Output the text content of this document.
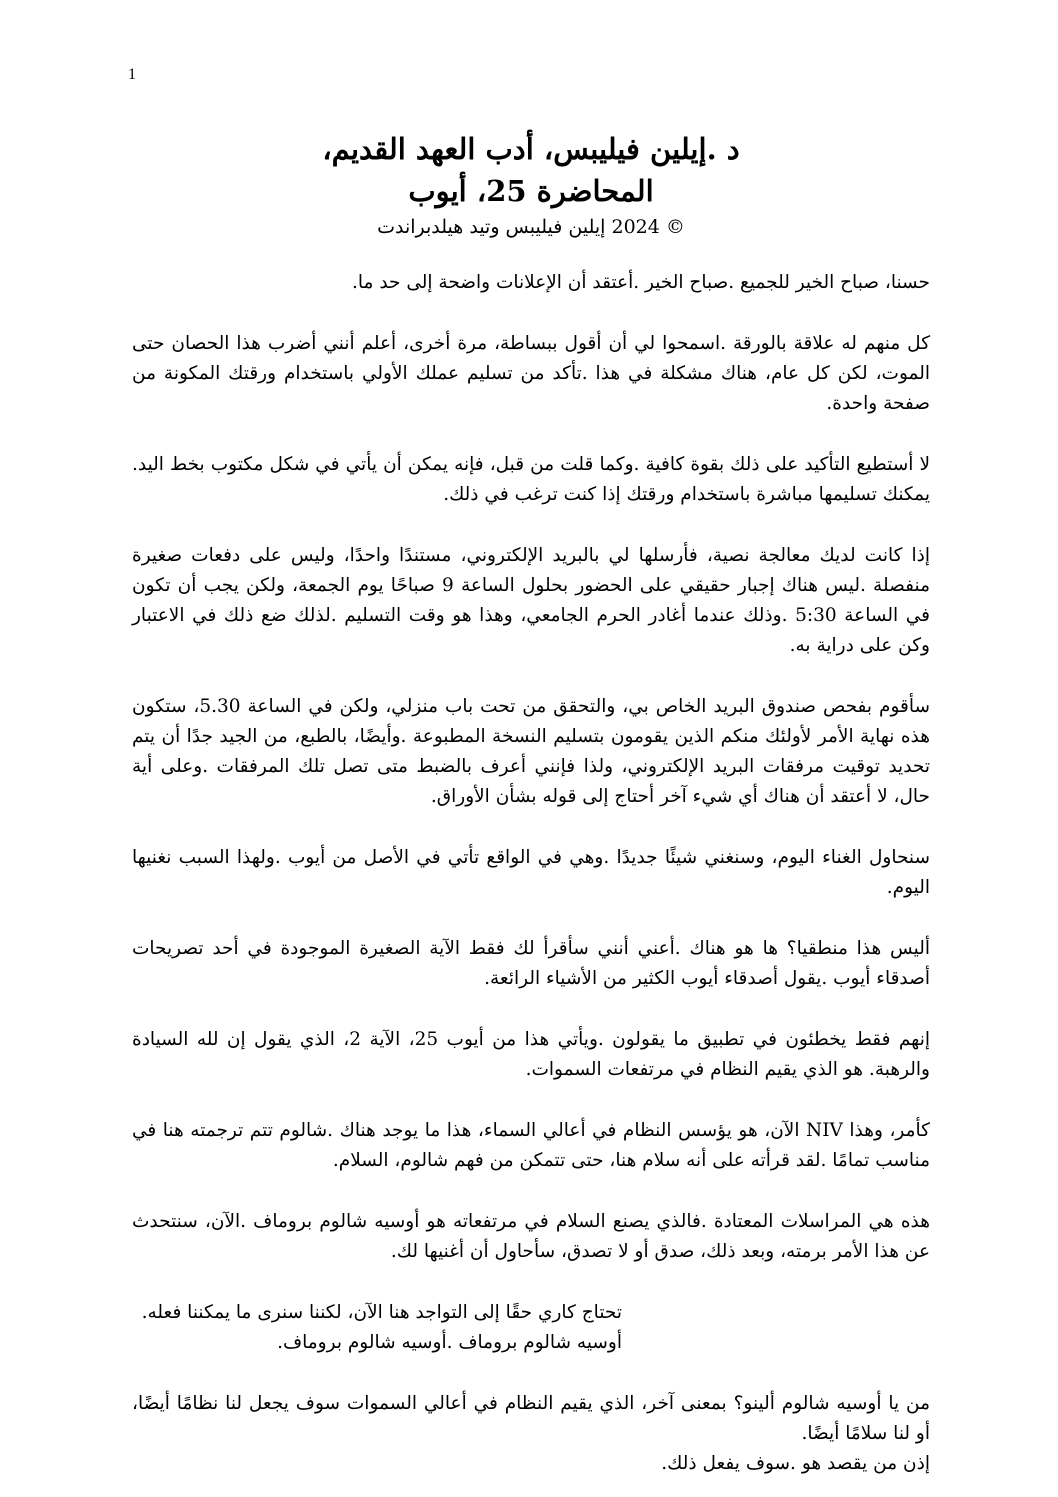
1
د .إيلين فيليبس، أدب العهد القديم،
المحاضرة 25، أيوب
© 2024 إيلين فيليبس وتيد هيلدبراندت

حسنا، صباح الخير للجميع .صباح الخير .أعتقد أن الإعلانات واضحة إلى حد ما.

كل منهم له علاقة بالورقة .اسمحوا لي أن أقول ببساطة، مرة أخرى، أعلم أنني أضرب هذا الحصان حتى الموت، لكن كل عام، هناك مشكلة في هذا .تأكد من تسليم عملك الأولي باستخدام ورقتك المكونة من صفحة واحدة.

لا أستطيع التأكيد على ذلك بقوة كافية .وكما قلت من قبل، فإنه يمكن أن يأتي في شكل مكتوب بخط اليد. يمكنك تسليمها مباشرة باستخدام ورقتك إذا كنت ترغب في ذلك.

إذا كانت لديك معالجة نصية، فأرسلها لي بالبريد الإلكتروني، مستندًا واحدًا، وليس على دفعات صغيرة منفصلة .ليس هناك إجبار حقيقي على الحضور بحلول الساعة 9 صباحًا يوم الجمعة، ولكن يجب أن تكون في الساعة 5:30 .وذلك عندما أغادر الحرم الجامعي، وهذا هو وقت التسليم .لذلك ضع ذلك في الاعتبار وكن على دراية به.

سأقوم بفحص صندوق البريد الخاص بي، والتحقق من تحت باب منزلي، ولكن في الساعة 5.30، ستكون هذه نهاية الأمر لأولئك منكم الذين يقومون بتسليم النسخة المطبوعة .وأيضًا، بالطبع، من الجيد جدًا أن يتم تحديد توقيت مرفقات البريد الإلكتروني، ولذا فإنني أعرف بالضبط متى تصل تلك المرفقات .وعلى أية حال، لا أعتقد أن هناك أي شيء آخر أحتاج إلى قوله بشأن الأوراق.

سنحاول الغناء اليوم، وسنغني شيئًا جديدًا .وهي في الواقع تأتي في الأصل من أيوب .ولهذا السبب نغنيها اليوم.

أليس هذا منطقيا؟ ها هو هناك .أعني أنني سأقرأ لك فقط الآية الصغيرة الموجودة في أحد تصريحات أصدقاء أيوب .يقول أصدقاء أيوب الكثير من الأشياء الرائعة.

إنهم فقط يخطئون في تطبيق ما يقولون .ويأتي هذا من أيوب 25، الآية 2، الذي يقول إن لله السيادة والرهبة. هو الذي يقيم النظام في مرتفعات السموات.

كأمر، وهذا NIV الآن، هو يؤسس النظام في أعالي السماء، هذا ما يوجد هناك .شالوم تتم ترجمته هنا في مناسب تمامًا .لقد قرأته على أنه سلام هنا، حتى تتمكن من فهم شالوم، السلام.

هذه هي المراسلات المعتادة .فالذي يصنع السلام في مرتفعاته هو أوسيه شالوم بروماف .الآن، سنتحدث عن هذا الأمر برمته، وبعد ذلك، صدق أو لا تصدق، سأحاول أن أغنيها لك.

تحتاج كاري حقًا إلى التواجد هنا الآن، لكننا سنرى ما يمكننا فعله.
أوسيه شالوم بروماف .أوسيه شالوم بروماف.

من يا أوسيه شالوم ألينو؟ بمعنى آخر، الذي يقيم النظام في أعالي السموات سوف يجعل لنا نظامًا أيضًا، أو لنا سلامًا أيضًا.
إذن من يقصد هو .سوف يفعل ذلك.
